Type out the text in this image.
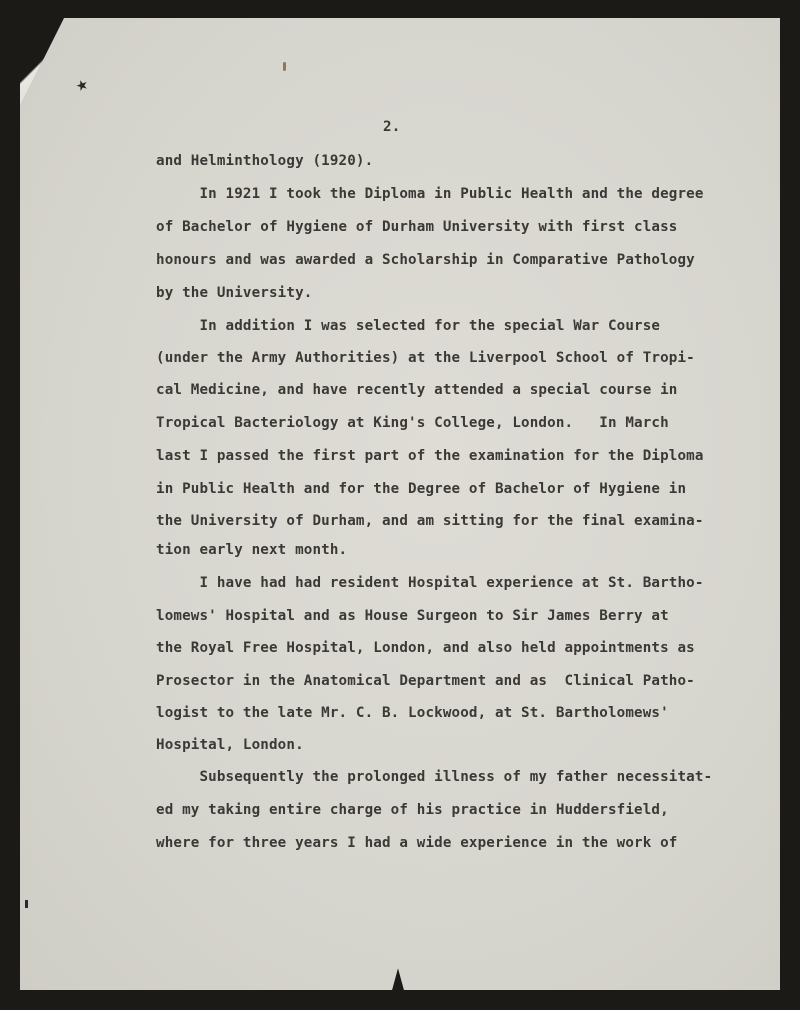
★
2.
and Helminthology (1920).
In 1921 I took the Diploma in Public Health and the degree
of Bachelor of Hygiene of Durham University with first class
honours and was awarded a Scholarship in Comparative Pathology
by the University.
In addition I was selected for the special War Course
(under the Army Authorities) at the Liverpool School of Tropi-
cal Medicine, and have recently attended a special course in
Tropical Bacteriology at King's College, London.   In March
last I passed the first part of the examination for the Diploma
in Public Health and for the Degree of Bachelor of Hygiene in
the University of Durham, and am sitting for the final examina-
tion early next month.
I have had had resident Hospital experience at St. Bartho-
lomews' Hospital and as House Surgeon to Sir James Berry at
the Royal Free Hospital, London, and also held appointments as
Prosector in the Anatomical Department and as  Clinical Patho-
logist to the late Mr. C. B. Lockwood, at St. Bartholomews'
Hospital, London.
Subsequently the prolonged illness of my father necessitat-
ed my taking entire charge of his practice in Huddersfield,
where for three years I had a wide experience in the work of
